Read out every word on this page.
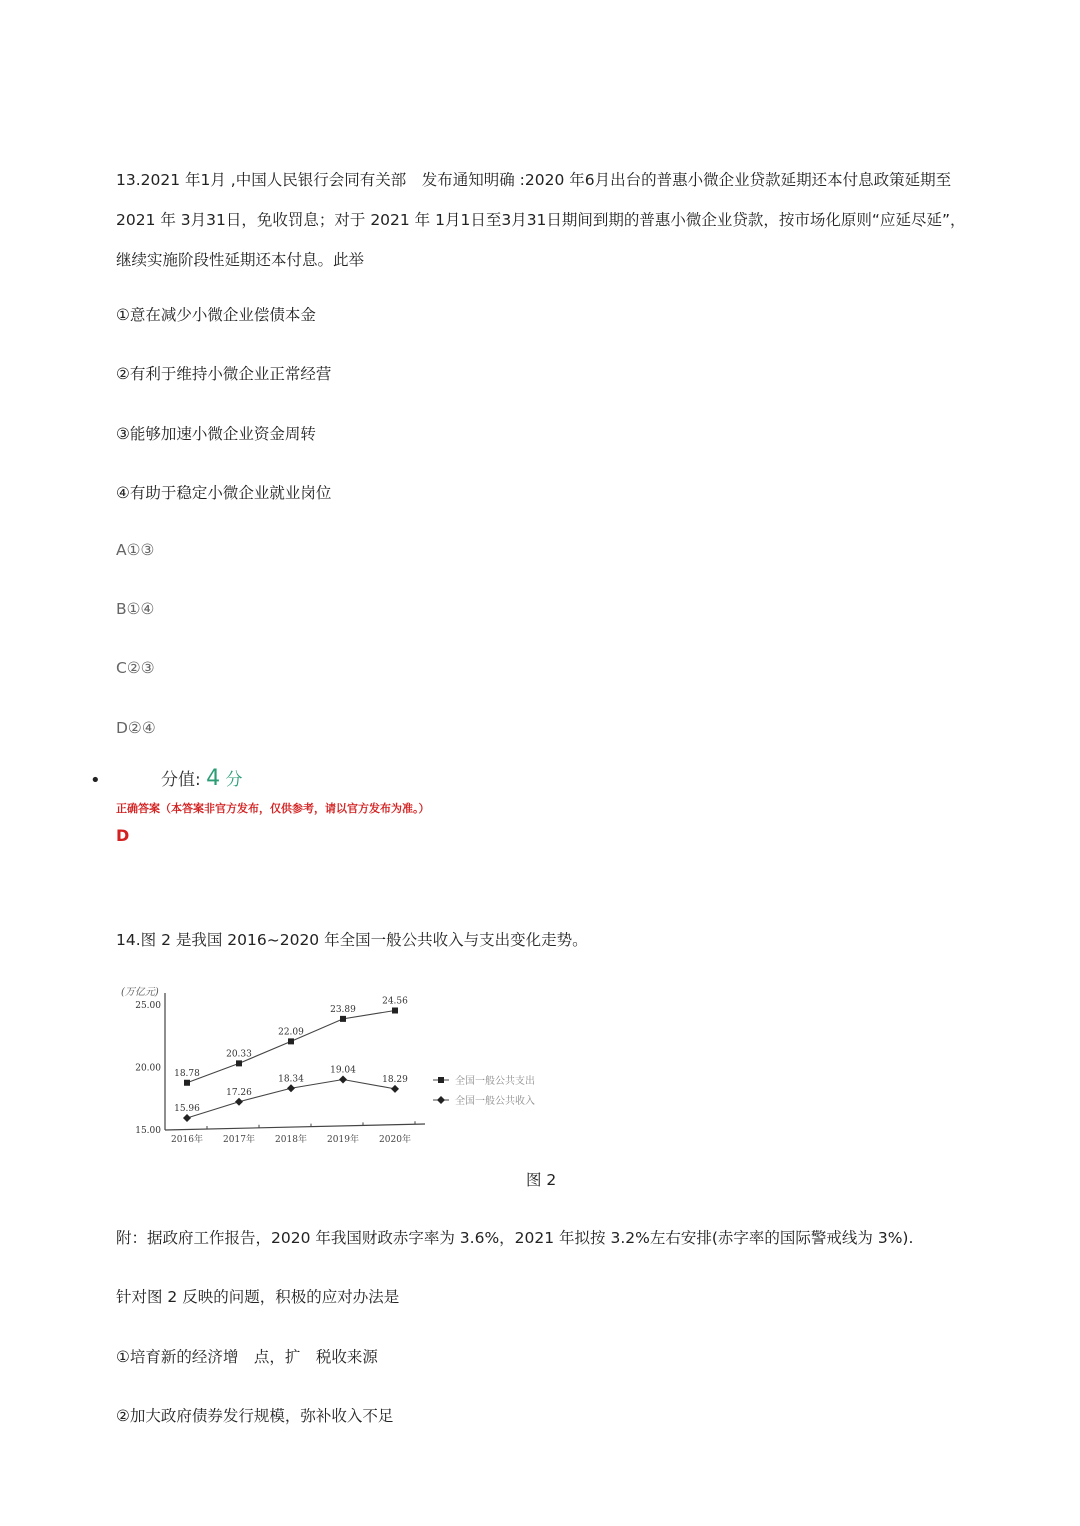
13.2021 年1月 ,中国人民银行会同有关部　发布通知明确 :2020 年6月出台的普惠小微企业贷款延期还本付息政策延期至2021 年 3月31日，免收罚息；对于 2021 年 1月1日至3月31日期间到期的普惠小微企业贷款，按市场化原则“应延尽延”，继续实施阶段性延期还本付息。此举
①意在减少小微企业偿债本金
②有利于维持小微企业正常经营
③能够加速小微企业资金周转
④有助于稳定小微企业就业岗位
A①③
B①④
C②③
D②④
•	分值: 4 分
正确答案（本答案非官方发布，仅供参考，请以官方发布为准。）
D
14.图 2 是我国 2016~2020 年全国一般公共收入与支出变化走势。
(万亿元)
15.00
20.00
25.00
2016年 2017年 2018年 2019年 2020年
18.78
20.33
22.09
23.89
24.56
15.96
17.26
18.34
19.04
18.29	全国一般公共支出
全国一般公共收入
图 2
附：据政府工作报告，2020 年我国财政赤字率为 3.6%，2021 年拟按 3.2%左右安排(赤字率的国际警戒线为 3%).
针对图 2 反映的问题，积极的应对办法是
①培育新的经济增　点，扩　税收来源
②加大政府债券发行规模，弥补收入不足
